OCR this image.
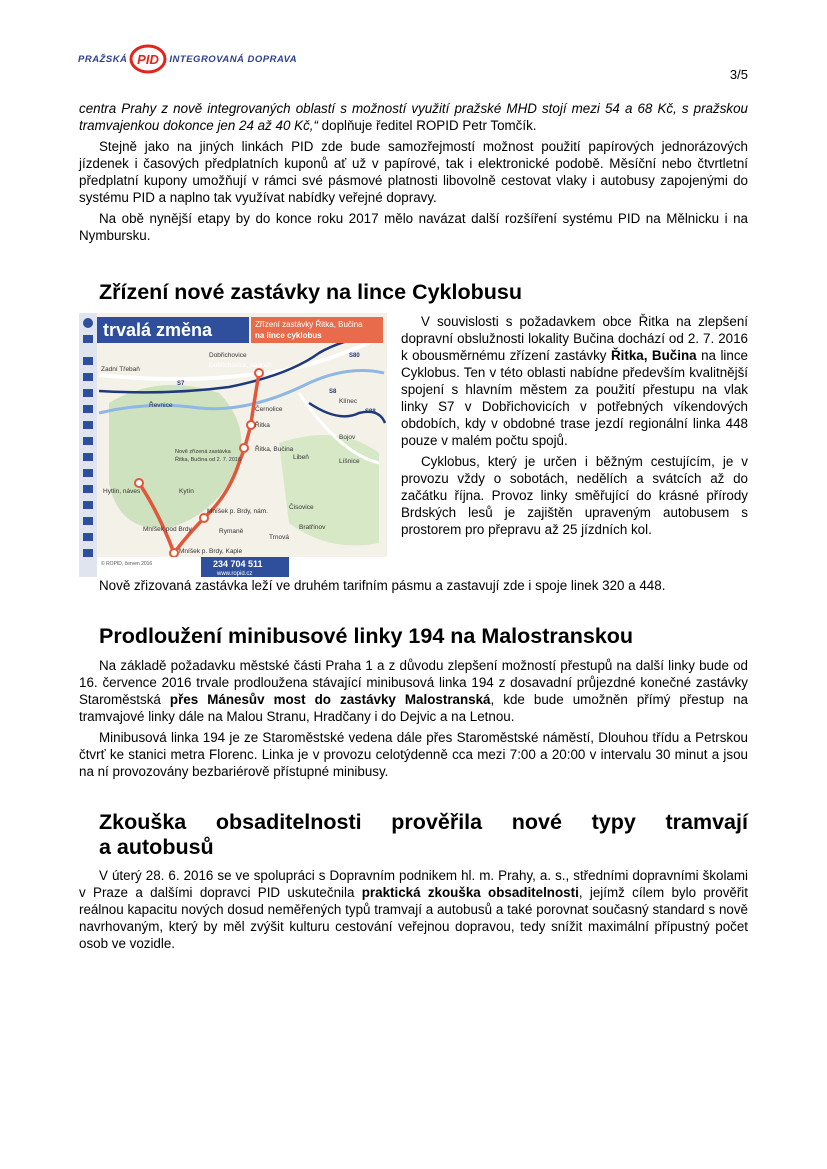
PRAŽSKÁ PID INTEGROVANÁ DOPRAVA
3/5

centra Prahy z nově integrovaných oblastí s možností využití pražské MHD stojí mezi 54 a 68 Kč, s pražskou tramvajenkou dokonce jen 24 až 40 Kč,“ doplňuje ředitel ROPID Petr Tomčík.

Stejně jako na jiných linkách PID zde bude samozřejmostí možnost použití papírových jednorázových jízdenek i časových předplatních kuponů ať už v papírové, tak i elektronické podobě. Měsíční nebo čtvrtletní předplatní kupony umožňují v rámci své pásmové platnosti libovolně cestovat vlaky i autobusy zapojenými do systému PID a naplno tak využívat nabídky veřejné dopravy.

Na obě nynější etapy by do konce roku 2017 mělo navázat další rozšíření systému PID na Mělnicku i na Nymbursku.

Zřízení nové zastávky na lince Cyklobusu
trvalá změna	Zřízení zastávky Řitka, Bučina
na lince cyklobus
Dobřichovice
Dobřichovice, nádraží
Zadní Třebaň
Řevnice
Černolice
Řitka
Řitka, Bučina
Mníšek pod Brdy
Mníšek p. Brdy, nám.
Mníšek p. Brdy, Kaple
Hytlin, náves
Čisovice
Bojov
Klínec
Líšnice
Rymaně
Trnová
Libeň
Bratřínov
Kytín
S7
S80
S8
S88
Nově zřízená zastávka
Řitka, Bučina od 2. 7. 2016
© ROPID, červen 2016	234 704 511
www.ropid.cz

V souvislosti s požadavkem obce Řitka na zlepšení dopravní obslužnosti lokality Bučina dochází od 2. 7. 2016 k obousměrnému zřízení zastávky Řitka, Bučina na lince Cyklobus. Ten v této oblasti nabídne především kvalitnější spojení s hlavním městem za použití přestupu na vlak linky S7 v Dobřichovicích v potřebných víkendových obdobích, kdy v obdobné trase jezdí regionální linka 448 pouze v malém počtu spojů.

Cyklobus, který je určen i běžným cestujícím, je v provozu vždy o sobotách, nedělích a svátcích až do začátku října. Provoz linky směřující do krásné přírody Brdských lesů je zajištěn upraveným autobusem s prostorem pro přepravu až 25 jízdních kol.

Nově zřizovaná zastávka leží ve druhém tarifním pásmu a zastavují zde i spoje linek 320 a 448.

Prodloužení minibusové linky 194 na Malostranskou

Na základě požadavku městské části Praha 1 a z důvodu zlepšení možností přestupů na další linky bude od 16. července 2016 trvale prodloužena stávající minibusová linka 194 z dosavadní průjezdné konečné zastávky Staroměstská přes Mánesův most do zastávky Malostranská, kde bude umožněn přímý přestup na tramvajové linky dále na Malou Stranu, Hradčany i do Dejvic a na Letnou.

Minibusová linka 194 je ze Staroměstské vedena dále přes Staroměstské náměstí, Dlouhou třídu a Petrskou čtvrť ke stanici metra Florenc. Linka je v provozu celotýdenně cca mezi 7:00 a 20:00 v intervalu 30 minut a jsou na ní provozovány bezbariérově přístupné minibusy.

Zkouška obsaditelnosti prověřila nové typy tramvají
a autobusů

V úterý 28. 6. 2016 se ve spolupráci s Dopravním podnikem hl. m. Prahy, a. s., středními dopravními školami v Praze a dalšími dopravci PID uskutečnila praktická zkouška obsaditelnosti, jejímž cílem bylo prověřit reálnou kapacitu nových dosud neměřených typů tramvají a autobusů a také porovnat současný standard s nově navrhovaným, který by měl zvýšit kulturu cestování veřejnou dopravou, tedy snížit maximální přípustný počet osob ve vozidle.
